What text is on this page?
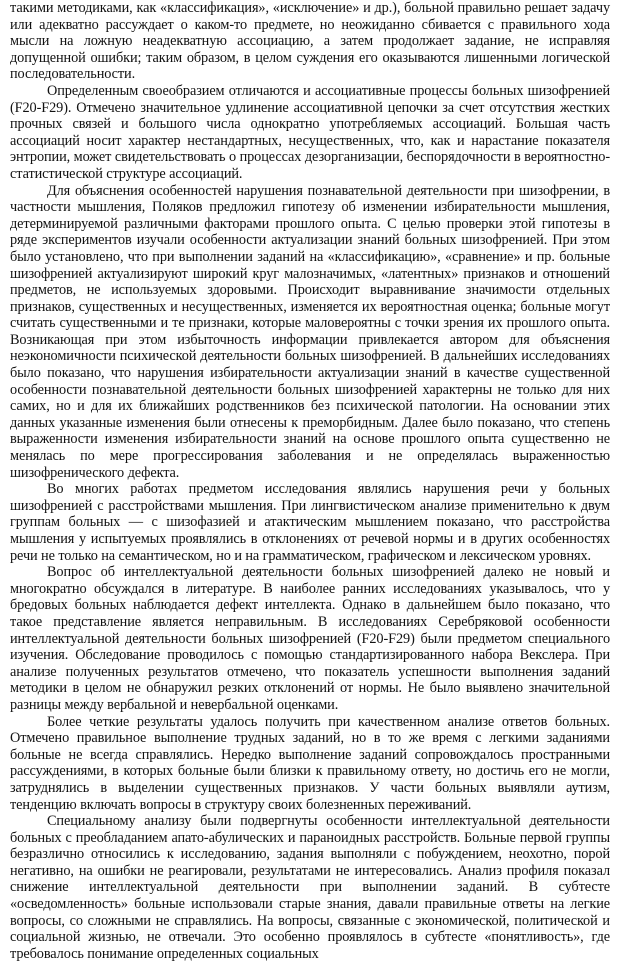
такими методиками, как «классификация», «исключение» и др.), больной правильно решает задачу или адекватно рассуждает о каком-то предмете, но неожиданно сбивается с правильного хода мысли на ложную неадекватную ассоциацию, а затем продолжает задание, не исправляя допущенной ошибки; таким образом, в целом суждения его оказываются лишенными логической последовательности.

Определенным своеобразием отличаются и ассоциативные процессы больных шизофренией (F20-F29). Отмечено значительное удлинение ассоциативной цепочки за счет отсутствия жестких прочных связей и большого числа однократно употребляемых ассоциаций. Большая часть ассоциаций носит характер нестандартных, несущественных, что, как и нарастание показателя энтропии, может свидетельствовать о процессах дезорганизации, беспорядочности в вероятностно-статистической структуре ассоциаций.

Для объяснения особенностей нарушения познавательной деятельности при шизофрении, в частности мышления, Поляков предложил гипотезу об изменении избирательности мышления, детерминируемой различными факторами прошлого опыта. С целью проверки этой гипотезы в ряде экспериментов изучали особенности актуализации знаний больных шизофренией. При этом было установлено, что при выполнении заданий на «классификацию», «сравнение» и пр. больные шизофренией актуализируют широкий круг малозначимых, «латентных» признаков и отношений предметов, не используемых здоровыми. Происходит выравнивание значимости отдельных признаков, существенных и несущественных, изменяется их вероятностная оценка; больные могут считать существенными и те признаки, которые маловероятны с точки зрения их прошлого опыта. Возникающая при этом избыточность информации привлекается автором для объяснения неэкономичности психической деятельности больных шизофренией. В дальнейших исследованиях было показано, что нарушения избирательности актуализации знаний в качестве существенной особенности познавательной деятельности больных шизофренией характерны не только для них самих, но и для их ближайших родственников без психической патологии. На основании этих данных указанные изменения были отнесены к преморбидным. Далее было показано, что степень выраженности изменения избирательности знаний на основе прошлого опыта существенно не менялась по мере прогрессирования заболевания и не определялась выраженностью шизофренического дефекта.

Во многих работах предметом исследования являлись нарушения речи у больных шизофренией с расстройствами мышления. При лингвистическом анализе применительно к двум группам больных — с шизофазией и атактическим мышлением показано, что расстройства мышления у испытуемых проявлялись в отклонениях от речевой нормы и в других особенностях речи не только на семантическом, но и на грамматическом, графическом и лексическом уровнях.

Вопрос об интеллектуальной деятельности больных шизофренией далеко не новый и многократно обсуждался в литературе. В наиболее ранних исследованиях указывалось, что у бредовых больных наблюдается дефект интеллекта. Однако в дальнейшем было показано, что такое представление является неправильным. В исследованиях Серебряковой особенности интеллектуальной деятельности больных шизофренией (F20-F29) были предметом специального изучения. Обследование проводилось с помощью стандартизированного набора Векслера. При анализе полученных результатов отмечено, что показатель успешности выполнения заданий методики в целом не обнаружил резких отклонений от нормы. Не было выявлено значительной разницы между вербальной и невербальной оценками.

Более четкие результаты удалось получить при качественном анализе ответов больных. Отмечено правильное выполнение трудных заданий, но в то же время с легкими заданиями больные не всегда справлялись. Нередко выполнение заданий сопровождалось пространными рассуждениями, в которых больные были близки к правильному ответу, но достичь его не могли, затруднялись в выделении существенных признаков. У части больных выявляли аутизм, тенденцию включать вопросы в структуру своих болезненных переживаний.

Специальному анализу были подвергнуты особенности интеллектуальной деятельности больных с преобладанием апато-абулических и параноидных расстройств. Больные первой группы безразлично относились к исследованию, задания выполняли с побуждением, неохотно, порой негативно, на ошибки не реагировали, результатами не интересовались. Анализ профиля показал снижение интеллектуальной деятельности при выполнении заданий. В субтесте «осведомленность» больные использовали старые знания, давали правильные ответы на легкие вопросы, со сложными не справлялись. На вопросы, связанные с экономической, политической и социальной жизнью, не отвечали. Это особенно проявлялось в субтесте «понятливость», где требовалось понимание определенных социальных
